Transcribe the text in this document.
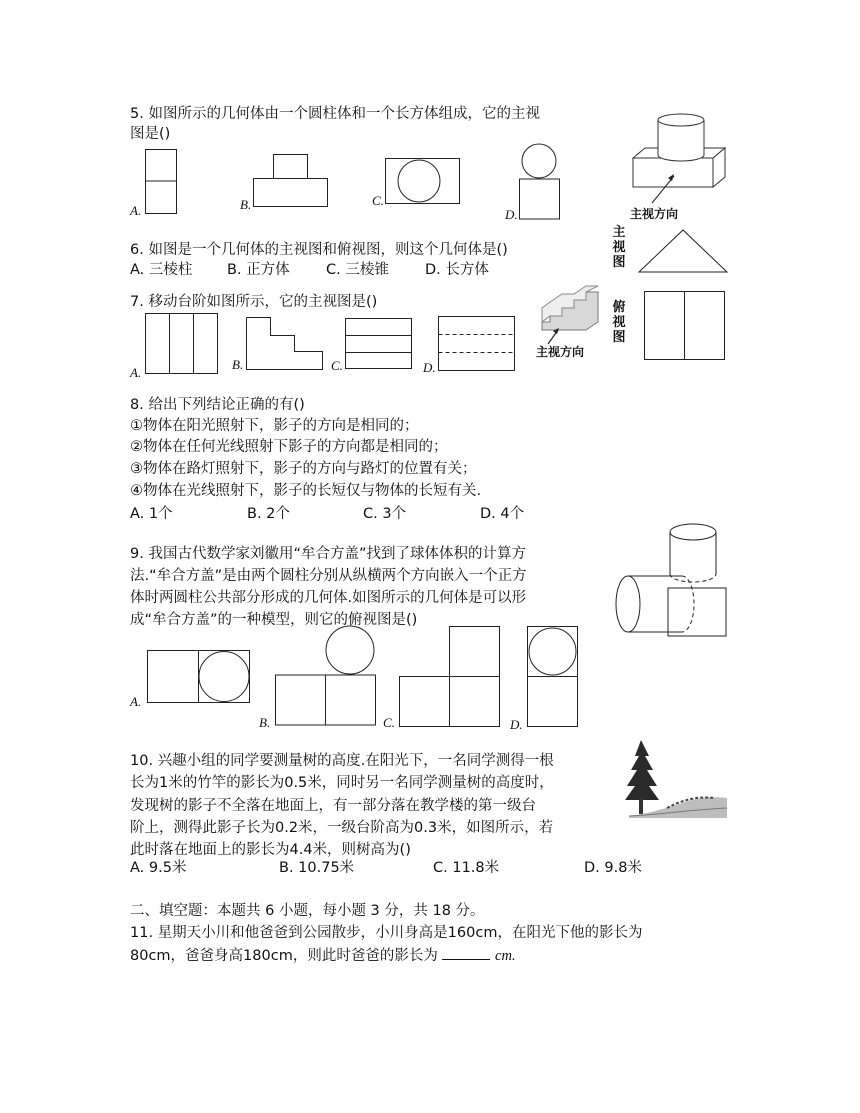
5. 如图所示的几何体由一个圆柱体和一个长方体组成，它的主视
图是()
A.	B.	C.
D.	主视方向
6. 如图是一个几何体的主视图和俯视图，则这个几何体是()
A. 三棱柱 B. 正方体	C. 三棱锥 D. 长方体
主视图
7. 移动台阶如图所示，它的主视图是()
A.
B.	C.	D.
主视方向
俯视图
8. 给出下列结论正确的有()
①物体在阳光照射下，影子的方向是相同的；
②物体在任何光线照射下影子的方向都是相同的；
③物体在路灯照射下，影子的方向与路灯的位置有关；
④物体在光线照射下，影子的长短仅与物体的长短有关.
A. 1个	B. 2个	C. 3个	D. 4个
9. 我国古代数学家刘徽用“牟合方盖”找到了球体体积的计算方
法.“牟合方盖”是由两个圆柱分别从纵横两个方向嵌入一个正方
体时两圆柱公共部分形成的几何体.如图所示的几何体是可以形
成“牟合方盖”的一种模型，则它的俯视图是()
A.
B.	C.	D.
10. 兴趣小组的同学要测量树的高度.在阳光下，一名同学测得一根
长为1米的竹竿的影长为0.5米，同时另一名同学测量树的高度时，
发现树的影子不全落在地面上，有一部分落在教学楼的第一级台
阶上，测得此影子长为0.2米，一级台阶高为0.3米，如图所示，若
此时落在地面上的影长为4.4米，则树高为()
A. 9.5米	B. 10.75米	C. 11.8米	D. 9.8米
二、填空题：本题共 6 小题，每小题 3 分，共 18 分。
11. 星期天小川和他爸爸到公园散步，小川身高是160cm，在阳光下他的影长为
80cm，爸爸身高180cm，则此时爸爸的影长为	cm.
